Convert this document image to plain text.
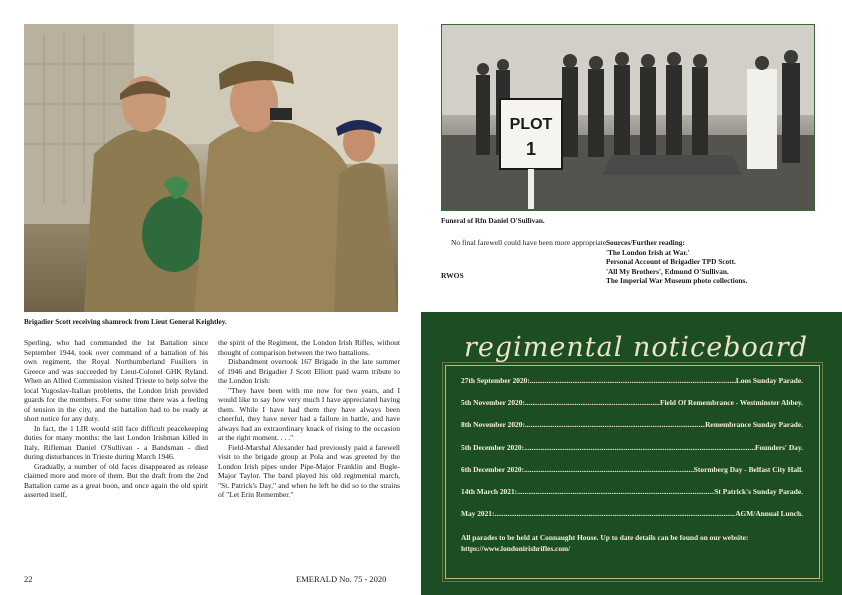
Brigadier Scott receiving shamrock from Lieut General Keightley.

Sperling, who had commanded the 1st Battalion since September 1944, took over command of a battalion of his own regiment, the Royal Northumberland Fusiliers in Greece and was succeeded by Lieut-Colonel GHK Ryland. When an Allied Commission visited Trieste to help solve the local Yugoslav-Italian problems, the London Irish provided guards for the members. For some time there was a feeling of tension in the city, and the battalion had to be ready at short notice for any duty.

In fact, the 1 LIR would still face difficult peacekeeping duties for many months: the last London Irishman killed in Italy, Rifleman Daniel O'Sullivan - a Bandsman - died during disturbances in Trieste during March 1946.

Gradually, a number of old faces disappeared as release claimed more and more of them. But the draft from the 2nd Battalion came as a great boon, and once again the old spirit asserted itself,

the spirit of the Regiment, the London Irish Rifles, without thought of comparison between the two battalions.

Disbandment overtook 167 Brigade in the late summer of 1946 and Brigadier J Scott Elliott paid warm tribute to the London Irish:

"They have been with me now for two years, and I would like to say how very much I have appreciated having them. While I have had them they have always been cheerful, they have never had a failure in battle, and have always had an extraordinary knack of rising to the occasion at the right moment. . . ."

Field-Marshal Alexander had previously paid a farewell visit to the brigade group at Pola and was greeted by the London Irish pipes under Pipe-Major Franklin and Bugle-Major Taylor. The band played his old regimental march, "St. Patrick's Day," and when he left he did so to the strains of "Let Erin Remember."

22	EMERALD No. 75 - 2020
PLOT
1
Funeral of Rfn Daniel O'Sullivan.

No final farewell could have been more appropriate.

RWOS
Sources/Further reading:
'The London Irish at War.'
Personal Account of Brigadier TPD Scott.
'All My Brothers', Edmund O'Sullivan.
The Imperial War Museum photo collections.
regimental noticeboard
27th September 2020: .....	Loos Sunday Parade.
5th November 2020: .....	Field Of Remembrance - Westminster Abbey.
8th November 2020: .....	Remembrance Sunday Parade.
5th December 2020: .....	Founders' Day.
6th December 2020: .....	Stormberg Day - Belfast City Hall.
14th March 2021: .....	St Patrick's Sunday Parade.
May 2021: .....	AGM/Annual Lunch.
All parades to be held at Connaught House. Up to date details can be found on our website: https://www.londonirishrifles.com/
